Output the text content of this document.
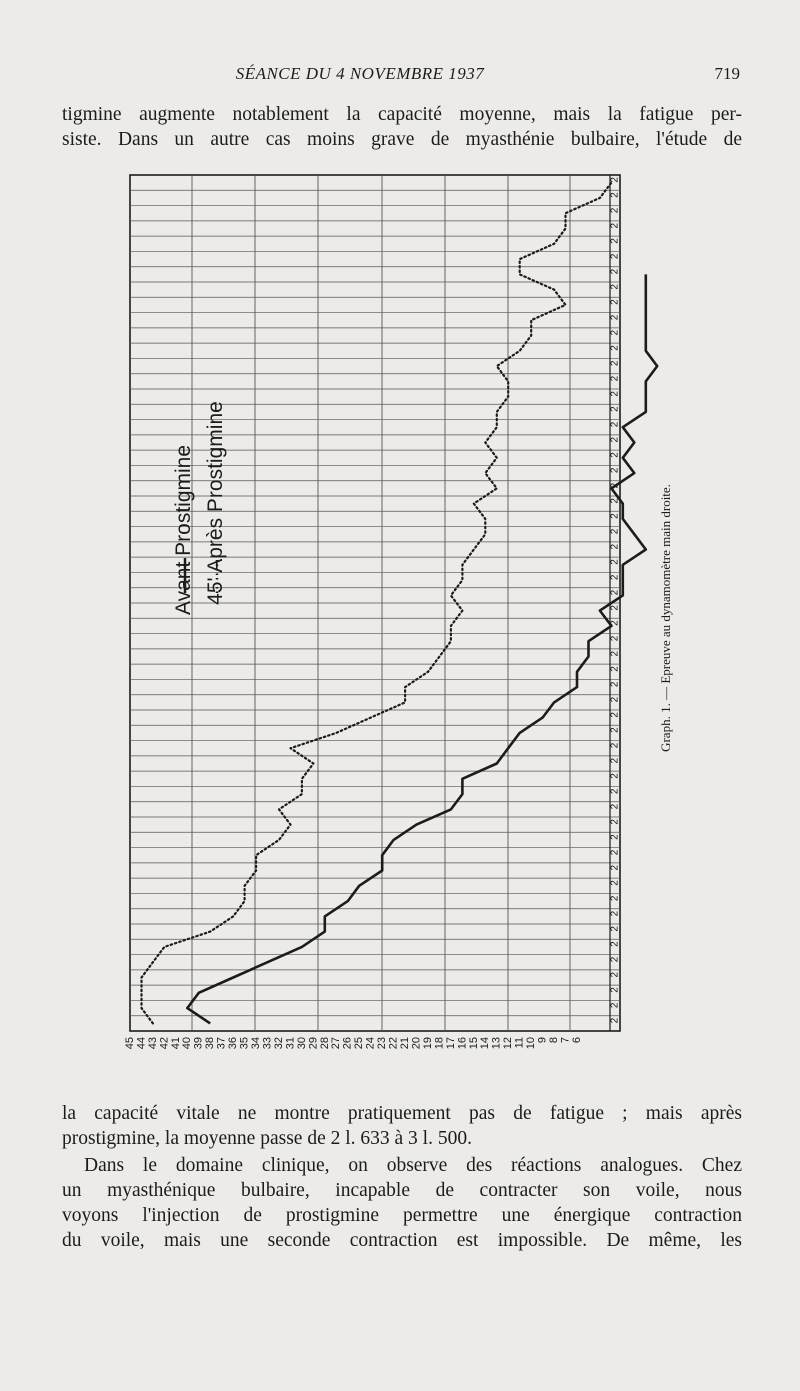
SÉANCE DU 4 NOVEMBRE 1937	719
tigmine augmente notablement la capacité moyenne, mais la fatigue per-
siste. Dans un autre cas moins grave de myasthénie bulbaire, l'étude de
2
2
2
2
2
2
2
2
2
2
2
2
2
2
2
2
2
2
2
2
2
2
2
2
2
2
2
2
2
2
2
2
2
2
2
2
2
2
2
2
2
2
2
2
2
2
2
2
2
2
2
2
2
2
2
2
Avant Prostigmine 45' Après Prostigmine
45 44 43 42 41 40 39 38 37 36 35 34 33 32 31 30 29 28 27 26 25 24 23 22 21 20 19 18 17 16 15 14 13 12 11 10 9 8 7 6
Graph. 1. — Epreuve au dynamomètre main droite.
la capacité vitale ne montre pratiquement pas de fatigue ; mais après
prostigmine, la moyenne passe de 2 l. 633 à 3 l. 500.
Dans le domaine clinique, on observe des réactions analogues. Chez
un myasthénique bulbaire, incapable de contracter son voile, nous
voyons l'injection de prostigmine permettre une énergique contraction
du voile, mais une seconde contraction est impossible. De même, les
